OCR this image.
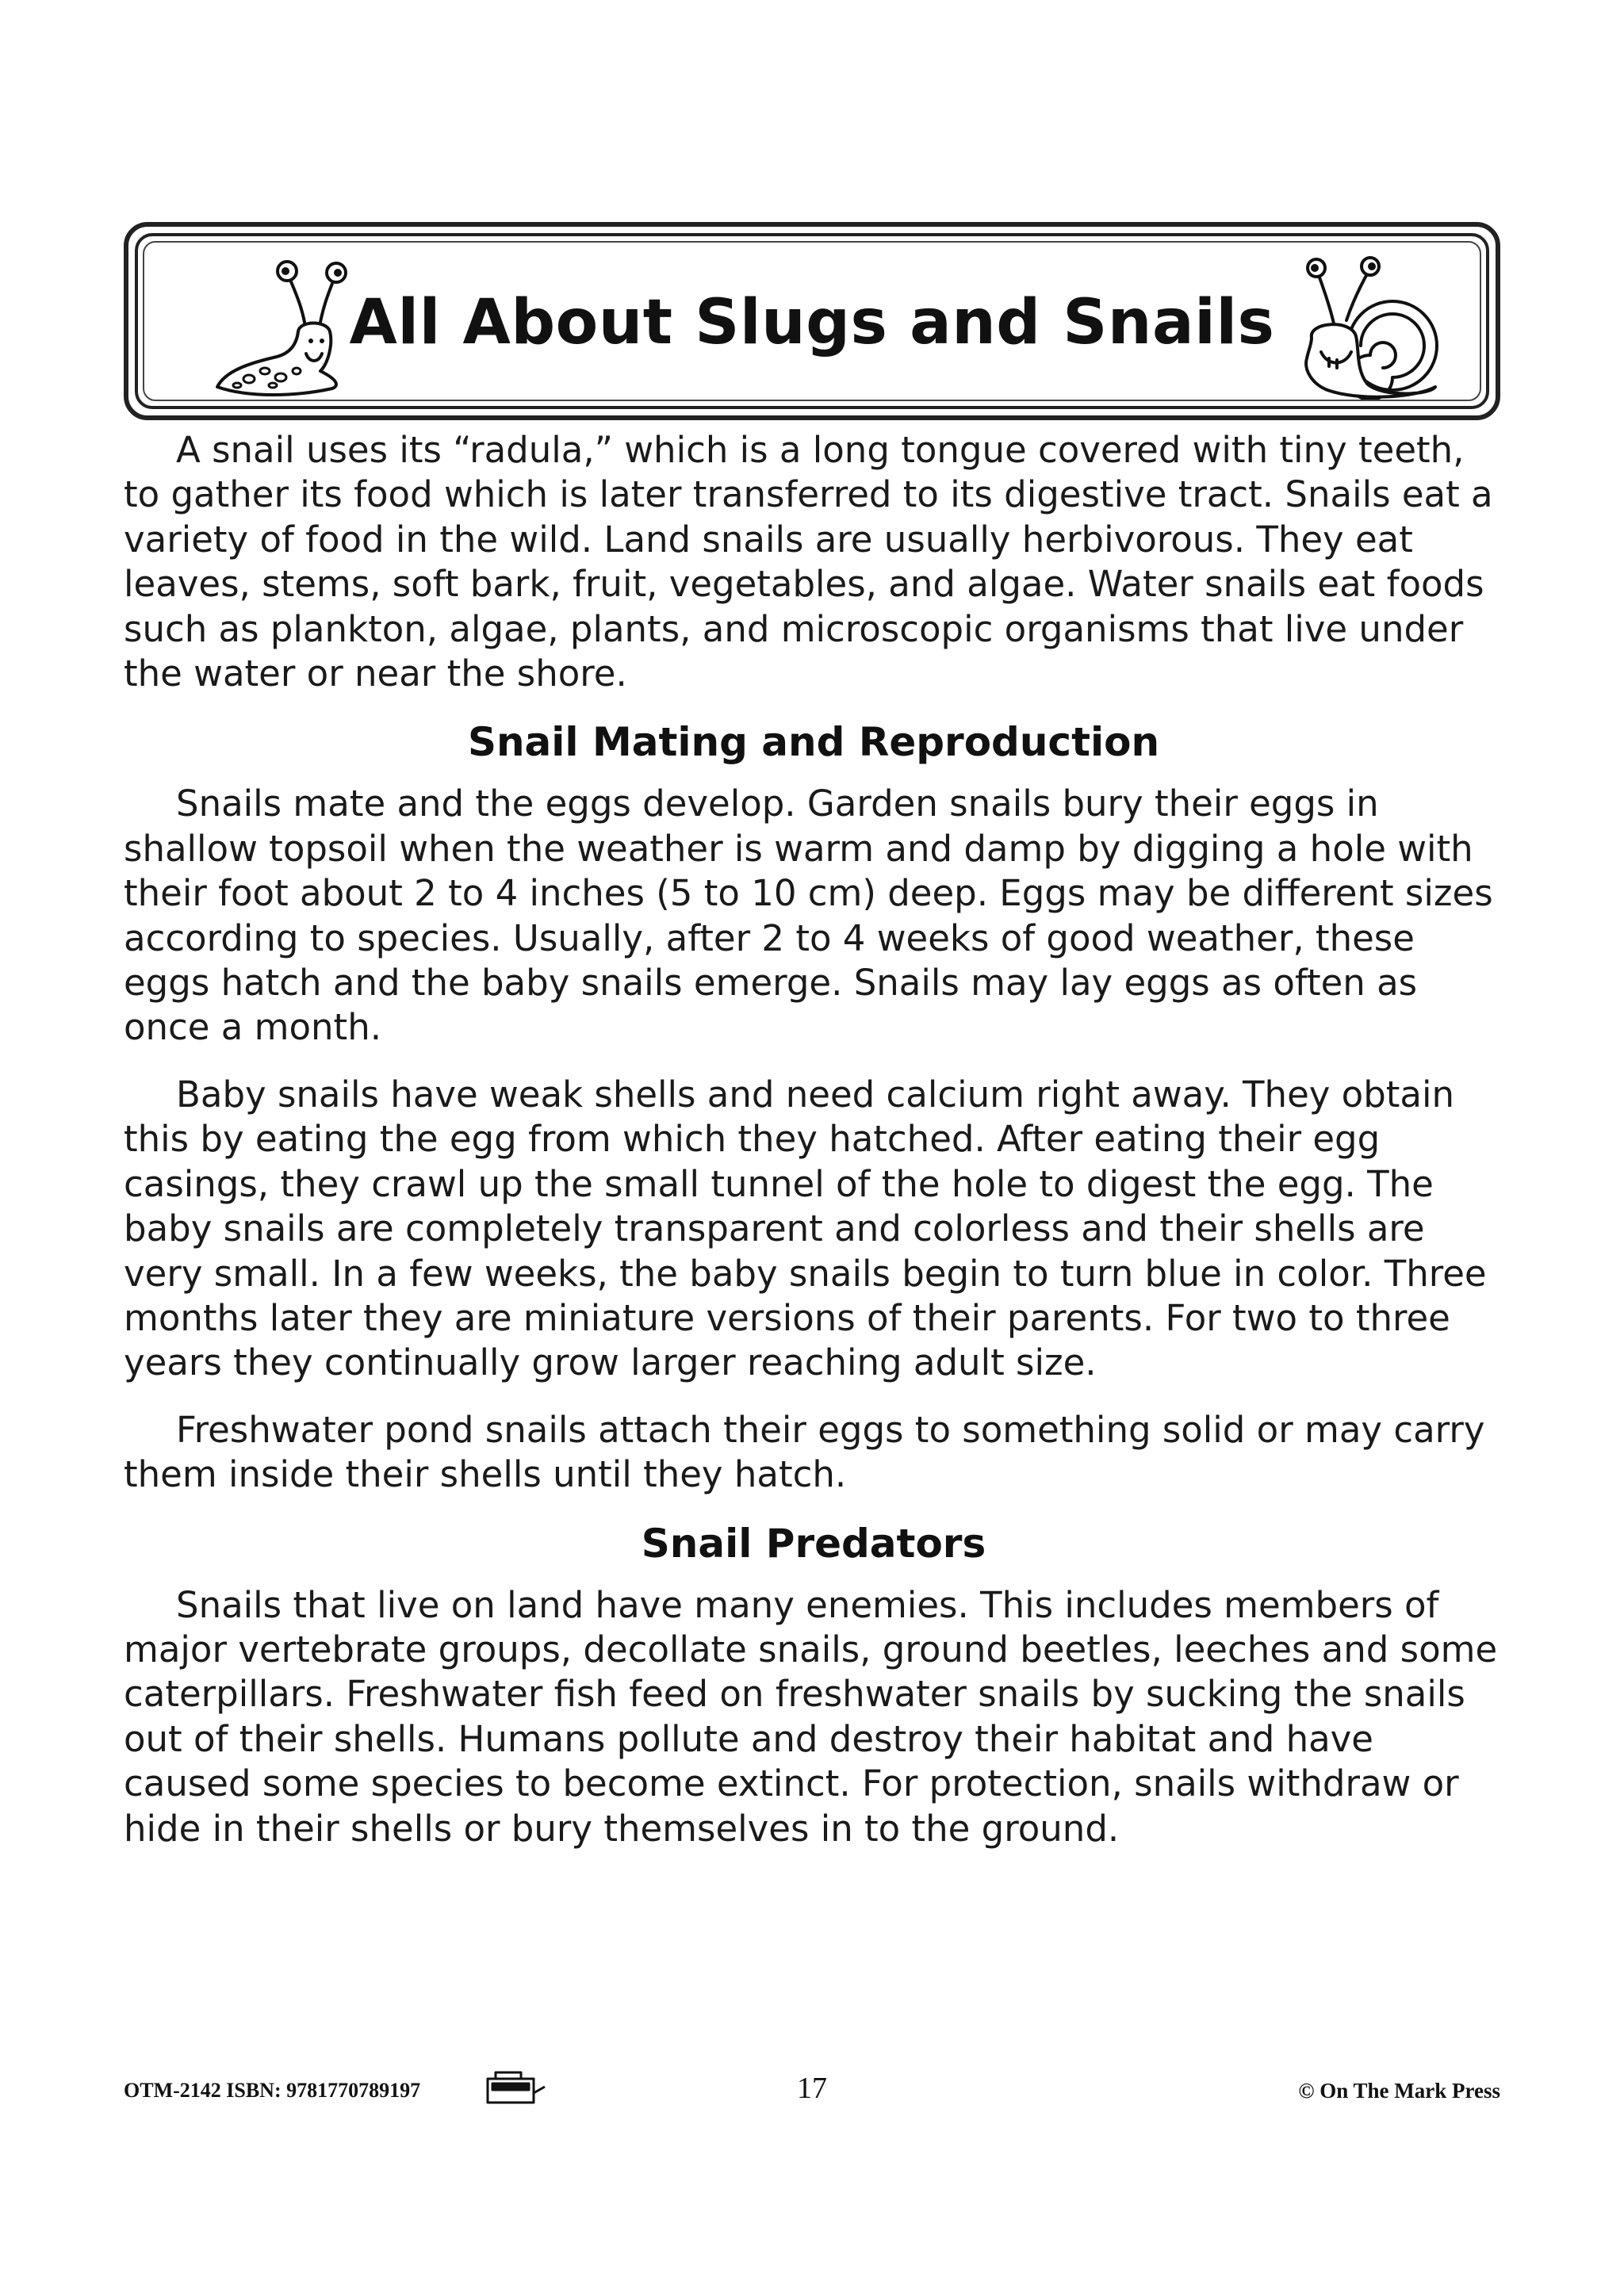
All About Slugs and Snails

A snail uses its “radula,” which is a long tongue covered with tiny teeth, to gather its food which is later transferred to its digestive tract. Snails eat a variety of food in the wild. Land snails are usually herbivorous. They eat leaves, stems, soft bark, fruit, vegetables, and algae. Water snails eat foods such as plankton, algae, plants, and microscopic organisms that live under the water or near the shore.

Snail Mating and Reproduction

Snails mate and the eggs develop. Garden snails bury their eggs in shallow topsoil when the weather is warm and damp by digging a hole with their foot about 2 to 4 inches (5 to 10 cm) deep. Eggs may be different sizes according to species. Usually, after 2 to 4 weeks of good weather, these eggs hatch and the baby snails emerge. Snails may lay eggs as often as once a month.

Baby snails have weak shells and need calcium right away. They obtain this by eating the egg from which they hatched. After eating their egg casings, they crawl up the small tunnel of the hole to digest the egg. The baby snails are completely transparent and colorless and their shells are very small. In a few weeks, the baby snails begin to turn blue in color. Three months later they are miniature versions of their parents. For two to three years they continually grow larger reaching adult size.

Freshwater pond snails attach their eggs to something solid or may carry them inside their shells until they hatch.

Snail Predators

Snails that live on land have many enemies. This includes members of major vertebrate groups, decollate snails, ground beetles, leeches and some caterpillars. Freshwater fish feed on freshwater snails by sucking the snails out of their shells. Humans pollute and destroy their habitat and have caused some species to become extinct. For protection, snails withdraw or hide in their shells or bury themselves in to the ground.

OTM-2142 ISBN: 9781770789197	17	© On The Mark Press
